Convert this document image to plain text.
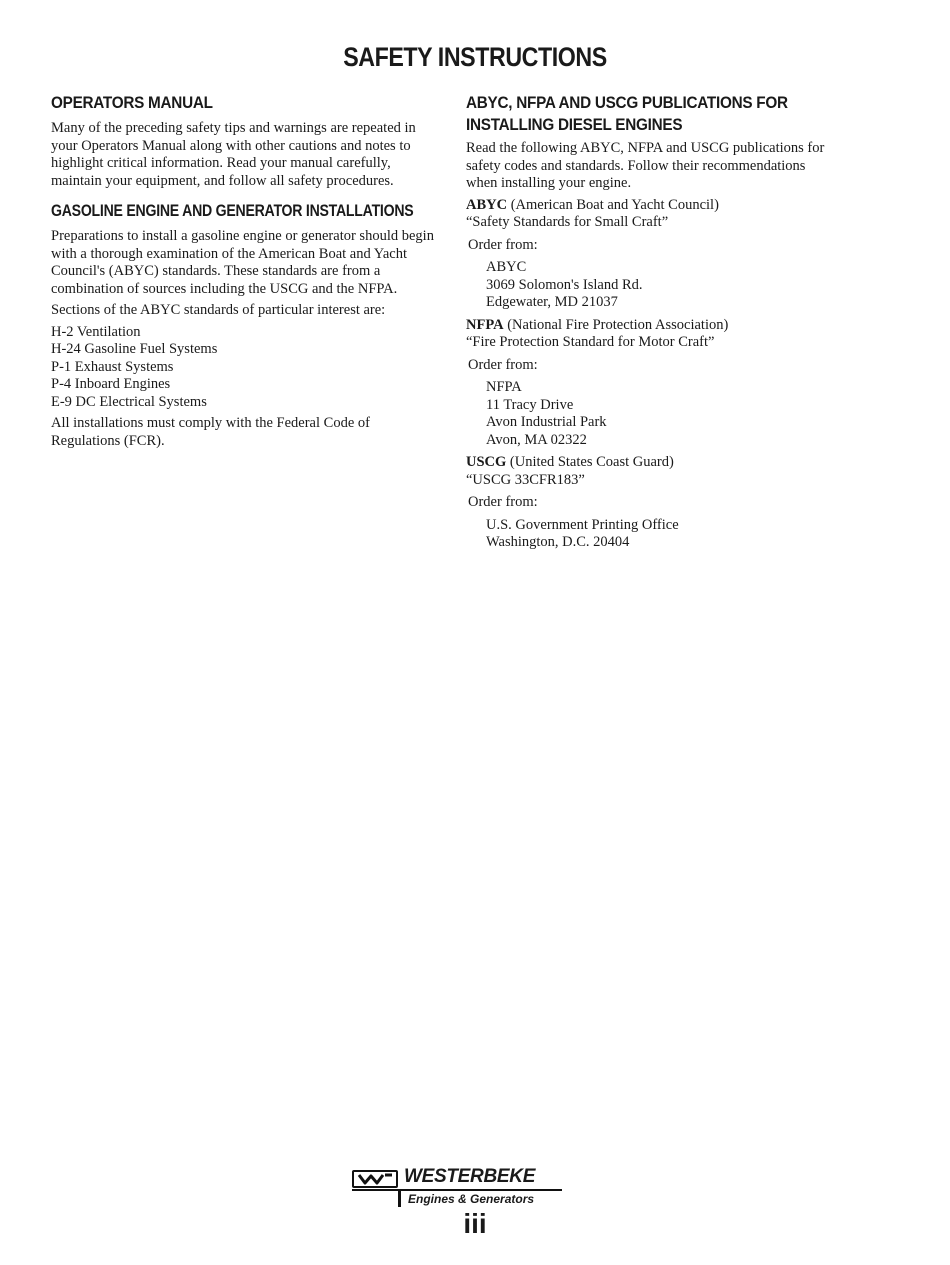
SAFETY INSTRUCTIONS
OPERATORS MANUAL

Many of the preceding safety tips and warnings are repeated in your Operators Manual along with other cautions and notes to highlight critical information. Read your manual carefully, maintain your equipment, and follow all safety procedures.

GASOLINE ENGINE AND GENERATOR INSTALLATIONS

Preparations to install a gasoline engine or generator should begin with a thorough examination of the American Boat and Yacht Council's (ABYC) standards. These standards are from a combination of sources including the USCG and the NFPA.

Sections of the ABYC standards of particular interest are:

H-2 Ventilation
H-24 Gasoline Fuel Systems
P-1 Exhaust Systems
P-4 Inboard Engines
E-9 DC Electrical Systems

All installations must comply with the Federal Code of Regulations (FCR).

ABYC, NFPA AND USCG PUBLICATIONS FOR
INSTALLING DIESEL ENGINES

Read the following ABYC, NFPA and USCG publications for safety codes and standards. Follow their recommendations when installing your engine.

ABYC (American Boat and Yacht Council)
“Safety Standards for Small Craft”
Order from:
ABYC
3069 Solomon's Island Rd.
Edgewater, MD 21037
NFPA (National Fire Protection Association)
“Fire Protection Standard for Motor Craft”
Order from:
NFPA
11 Tracy Drive
Avon Industrial Park
Avon, MA 02322
USCG (United States Coast Guard)
“USCG 33CFR183”
Order from:
U.S. Government Printing Office
Washington, D.C. 20404
WESTERBEKE
Engines & Generators
iii
